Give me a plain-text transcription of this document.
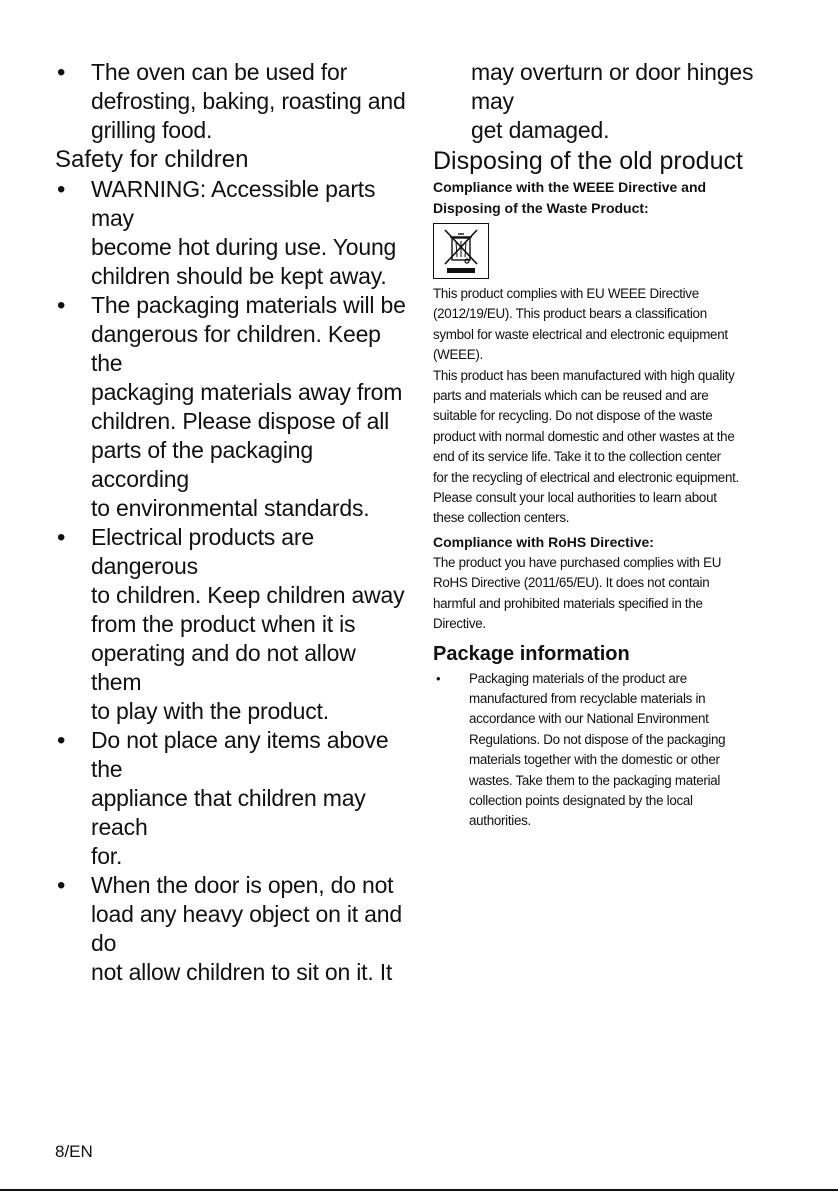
• The oven can be used for
defrosting, baking, roasting and
grilling food.
Safety for children
• WARNING: Accessible parts may
become hot during use. Young
children should be kept away.
• The packaging materials will be
dangerous for children. Keep the
packaging materials away from
children. Please dispose of all
parts of the packaging according
to environmental standards.
• Electrical products are dangerous
to children. Keep children away
from the product when it is
operating and do not allow them
to play with the product.
• Do not place any items above the
appliance that children may reach
for.
• When the door is open, do not
load any heavy object on it and do
not allow children to sit on it. It
may overturn or door hinges may
get damaged.
Disposing of the old product

Compliance with the WEEE Directive and
Disposing of the Waste Product:

This product complies with EU WEEE Directive
(2012/19/EU). This product bears a classification
symbol for waste electrical and electronic equipment
(WEEE).

This product has been manufactured with high quality
parts and materials which can be reused and are
suitable for recycling. Do not dispose of the waste
product with normal domestic and other wastes at the
end of its service life. Take it to the collection center
for the recycling of electrical and electronic equipment.
Please consult your local authorities to learn about
these collection centers.

Compliance with RoHS Directive:

The product you have purchased complies with EU
RoHS Directive (2011/65/EU). It does not contain
harmful and prohibited materials specified in the
Directive.

Package information
• Packaging materials of the product are
manufactured from recyclable materials in
accordance with our National Environment
Regulations. Do not dispose of the packaging
materials together with the domestic or other
wastes. Take them to the packaging material
collection points designated by the local
authorities.
8/EN
